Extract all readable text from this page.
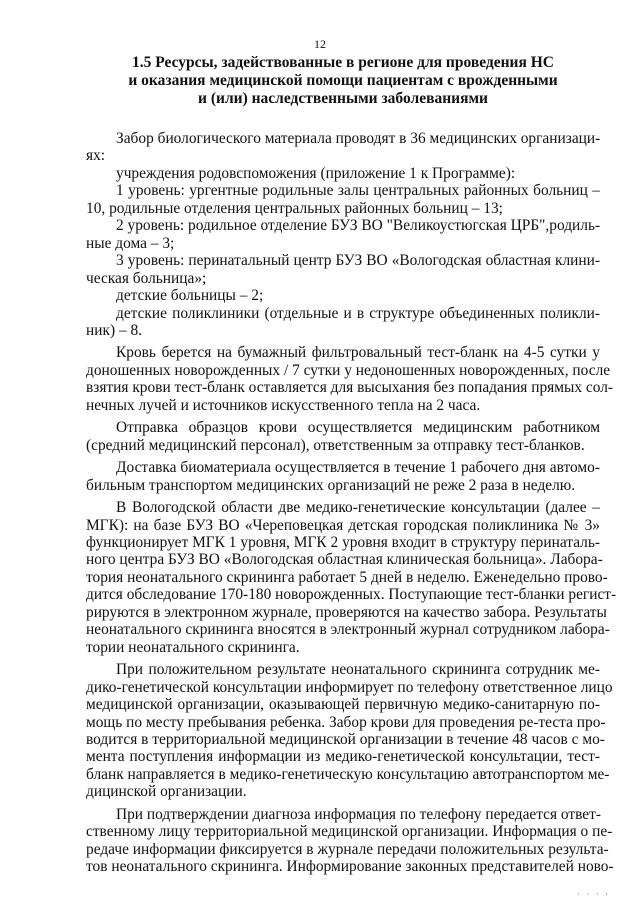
12
1.5 Ресурсы, задействованные в регионе для проведения НС
и оказания медицинской помощи пациентам с врожденными
и (или) наследственными заболеваниями
Забор биологического материала проводят в 36 медицинских организаци-
ях:
учреждения родовспоможения (приложение 1 к Программе):
1 уровень: ургентные родильные залы центральных районных больниц –
10, родильные отделения центральных районных больниц – 13;
2 уровень: родильное отделение БУЗ ВО "Великоустюгская ЦРБ",родиль-
ные дома – 3;
3 уровень: перинатальный центр БУЗ ВО «Вологодская областная клини-
ческая больница»;
детские больницы – 2;
детские поликлиники (отдельные и в структуре объединенных поликли-
ник) – 8.
Кровь берется на бумажный фильтровальный тест-бланк на 4-5 сутки у
доношенных новорожденных / 7 сутки у недоношенных новорожденных, после
взятия крови тест-бланк оставляется для высыхания без попадания прямых сол-
нечных лучей и источников искусственного тепла на 2 часа.
Отправка образцов крови осуществляется медицинским работником
(средний медицинский персонал), ответственным за отправку тест-бланков.
Доставка биоматериала осуществляется в течение 1 рабочего дня автомо-
бильным транспортом медицинских организаций не реже 2 раза в неделю.
В Вологодской области две медико-генетические консультации (далее –
МГК): на базе БУЗ ВО «Череповецкая детская городская поликлиника № 3»
функционирует МГК 1 уровня, МГК 2 уровня входит в структуру перинаталь-
ного центра БУЗ ВО «Вологодская областная клиническая больница». Лабора-
тория неонатального скрининга работает 5 дней в неделю. Еженедельно прово-
дится обследование 170-180 новорожденных. Поступающие тест-бланки регист-
рируются в электронном журнале, проверяются на качество забора. Результаты
неонатального скрининга вносятся в электронный журнал сотрудником лабора-
тории неонатального скрининга.
При положительном результате неонатального скрининга сотрудник ме-
дико-генетической консультации информирует по телефону ответственное лицо
медицинской организации, оказывающей первичную медико-санитарную по-
мощь по месту пребывания ребенка. Забор крови для проведения ре-теста про-
водится в территориальной медицинской организации в течение 48 часов с мо-
мента поступления информации из медико-генетической консультации, тест-
бланк направляется в медико-генетическую консультацию автотранспортом ме-
дицинской организации.
При подтверждении диагноза информация по телефону передается ответ-
ственному лицу территориальной медицинской организации. Информация о пе-
редаче информации фиксируется в журнале передачи положительных результа-
тов неонатального скрининга. Информирование законных представителей ново-
· · · ·
